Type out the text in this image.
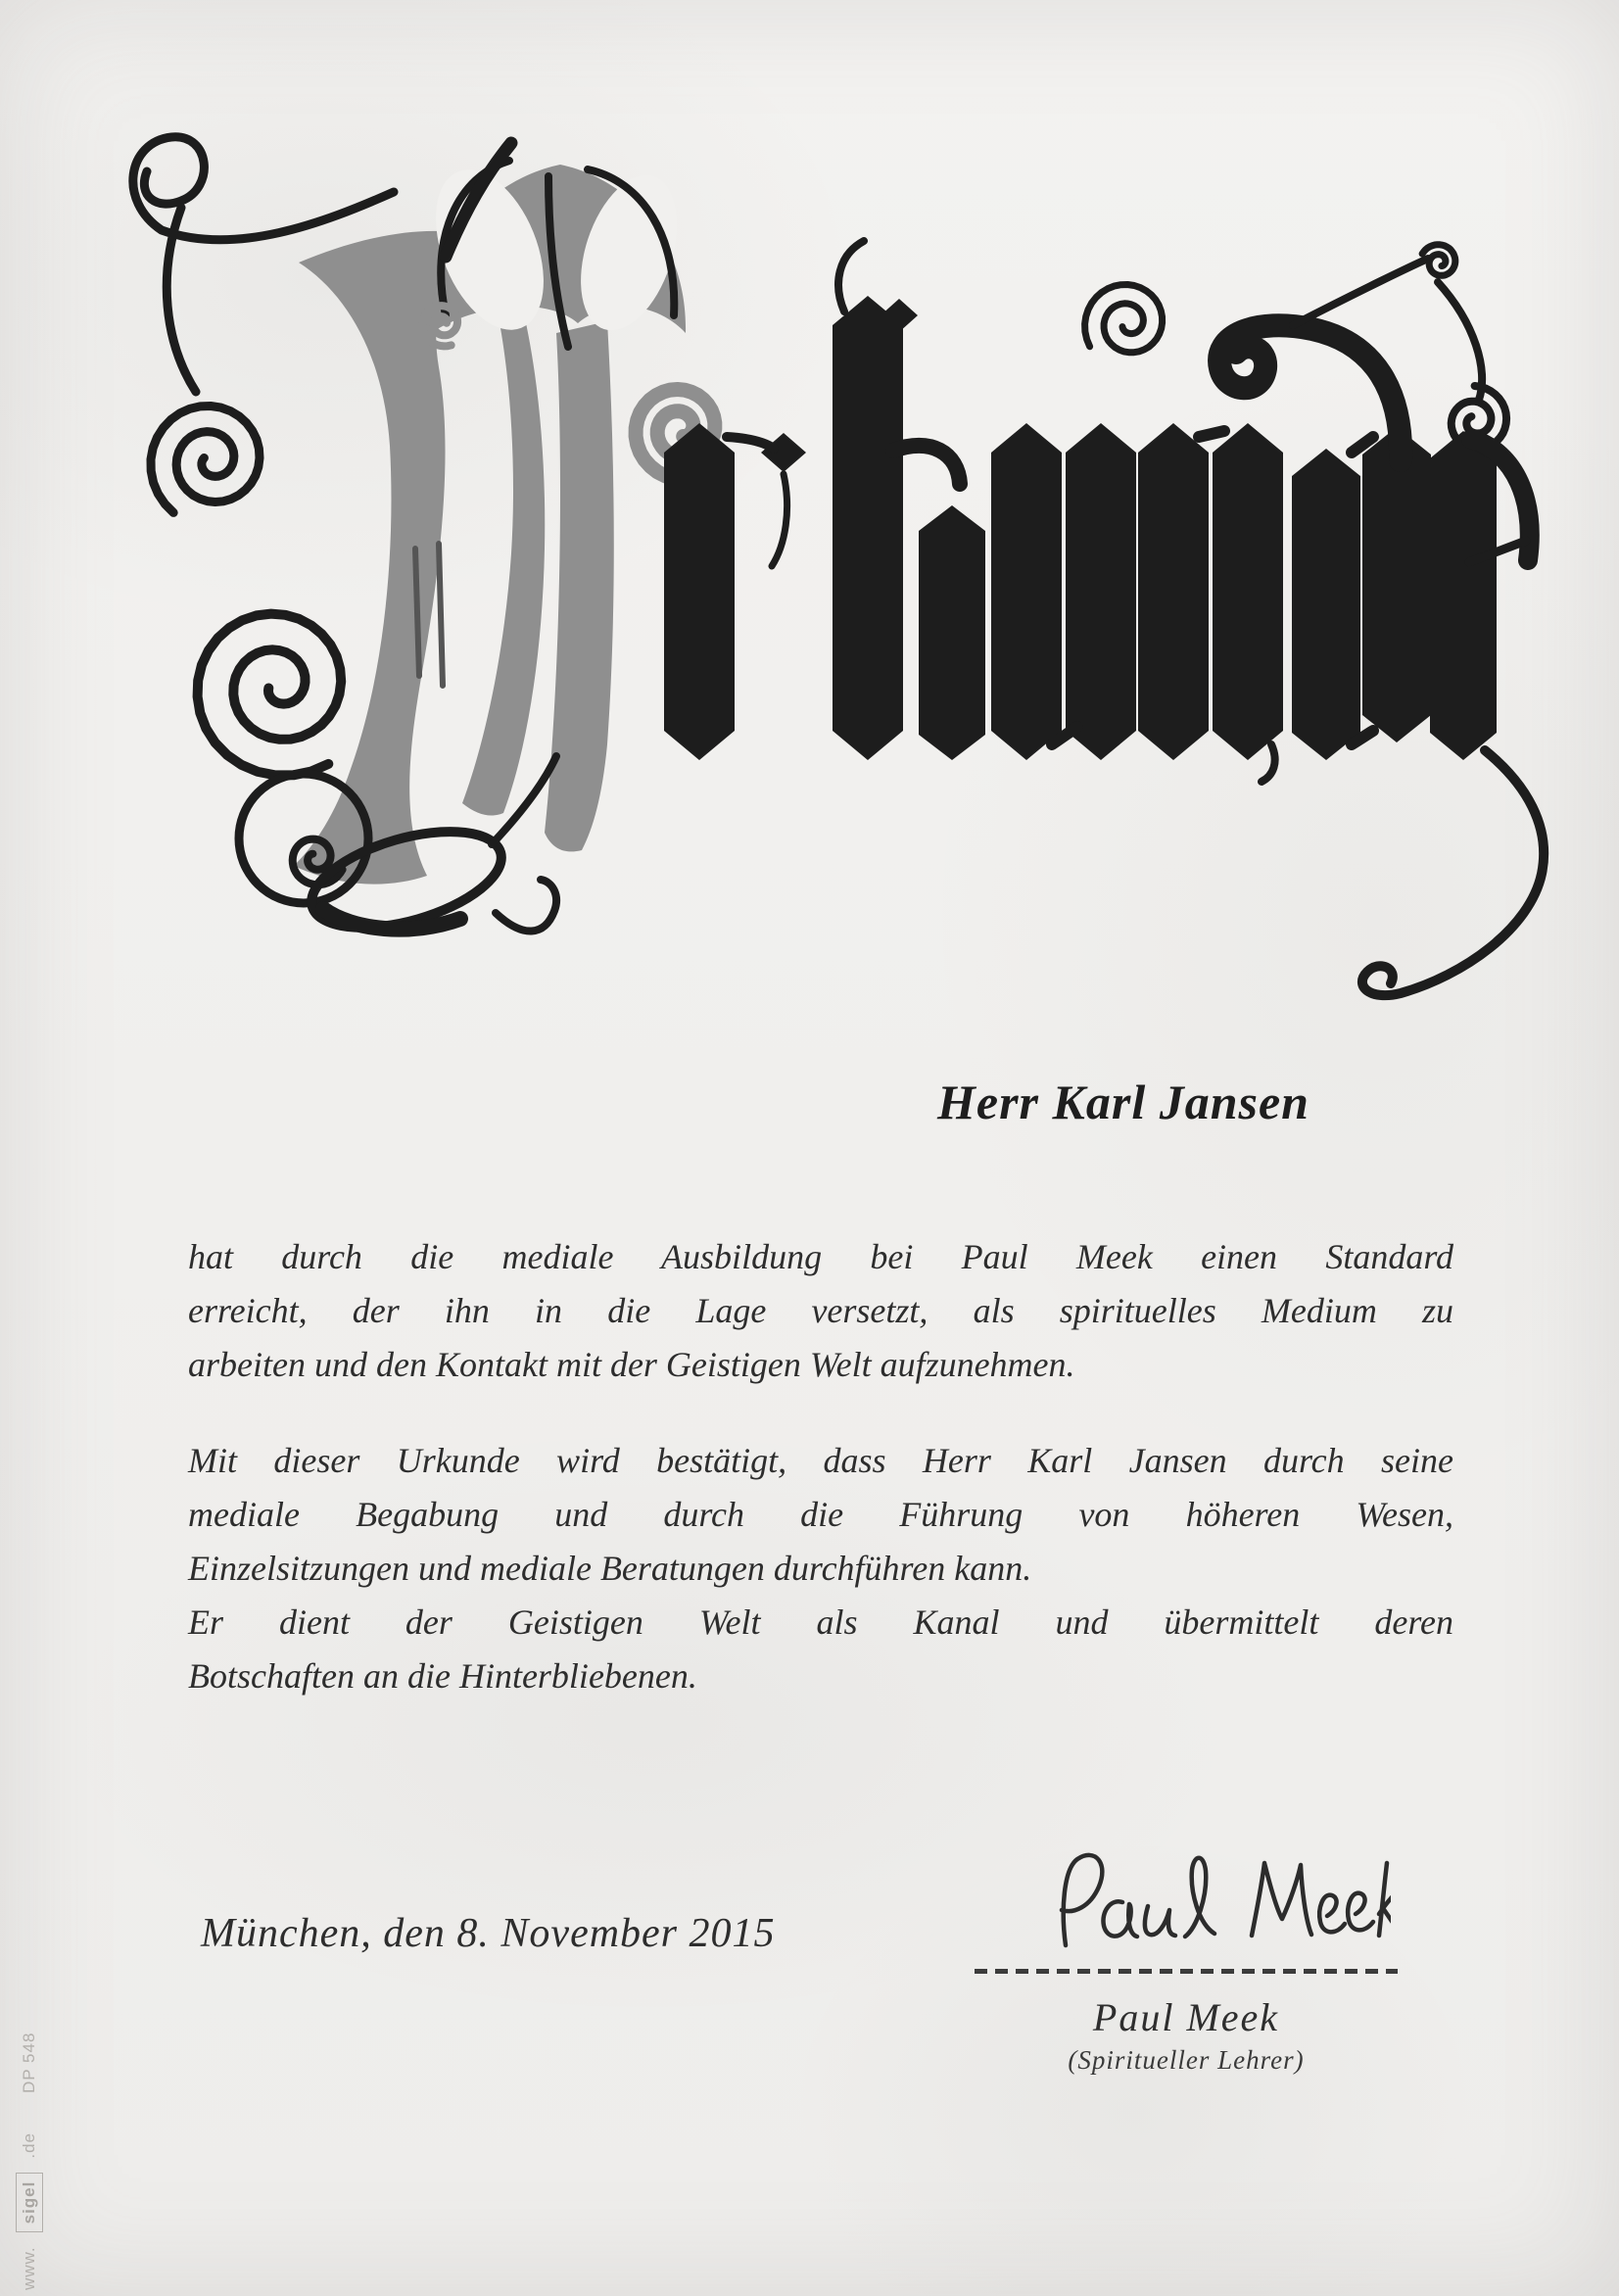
Herr Karl Jansen
hat durch die mediale Ausbildung bei Paul Meek einen Standard
erreicht, der ihn in die Lage versetzt, als spirituelles Medium zu
arbeiten und den Kontakt mit der Geistigen Welt aufzunehmen.
Mit dieser Urkunde wird bestätigt, dass Herr Karl Jansen durch seine
mediale Begabung und durch die Führung von höheren Wesen,
Einzelsitzungen und mediale Beratungen durchführen kann.
Er dient der Geistigen Welt als Kanal und übermittelt deren
Botschaften an die Hinterbliebenen.
München, den 8. November 2015
Paul Meek
(Spiritueller Lehrer)
www.
sigel
.de
DP 548
